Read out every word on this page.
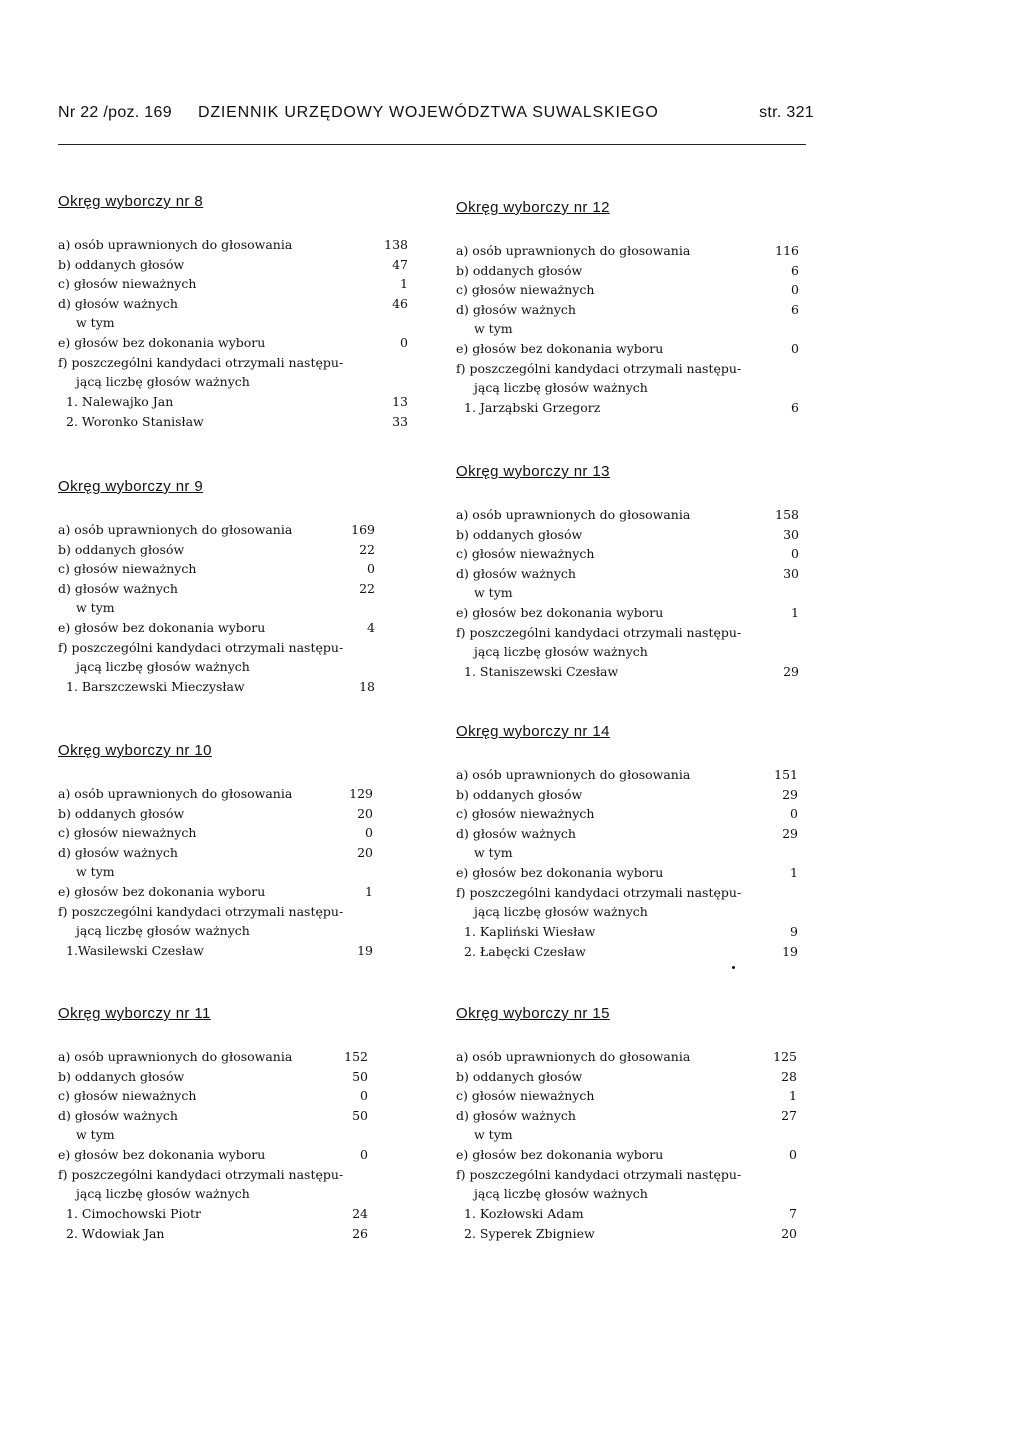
Nr 22 /poz. 169 DZIENNIK URZĘDOWY WOJEWÓDZTWA SUWALSKIEGO	str. 321
Okręg wyborczy nr 8
a) osób uprawnionych do głosowania	138
b) oddanych głosów	47
c) głosów nieważnych	1
d) głosów ważnych	46
w tym
e) głosów bez dokonania wyboru	0
f) poszczególni kandydaci otrzymali następu-
jącą liczbę głosów ważnych
1. Nalewajko Jan	13
2. Woronko Stanisław	33
Okręg wyborczy nr 9
a) osób uprawnionych do głosowania	169
b) oddanych głosów	22
c) głosów nieważnych	0
d) głosów ważnych	22
w tym
e) głosów bez dokonania wyboru	4
f) poszczególni kandydaci otrzymali następu-
jącą liczbę głosów ważnych
1. Barszczewski Mieczysław	18
Okręg wyborczy nr 10
a) osób uprawnionych do głosowania	129
b) oddanych głosów	20
c) głosów nieważnych	0
d) głosów ważnych	20
w tym
e) głosów bez dokonania wyboru	1
f) poszczególni kandydaci otrzymali następu-
jącą liczbę głosów ważnych
1.Wasilewski Czesław	19
Okręg wyborczy nr 11
a) osób uprawnionych do głosowania	152
b) oddanych głosów	50
c) głosów nieważnych	0
d) głosów ważnych	50
w tym
e) głosów bez dokonania wyboru	0
f) poszczególni kandydaci otrzymali następu-
jącą liczbę głosów ważnych
1. Cimochowski Piotr	24
2. Wdowiak Jan	26
Okręg wyborczy nr 12
a) osób uprawnionych do głosowania	116
b) oddanych głosów	6
c) głosów nieważnych	0
d) głosów ważnych	6
w tym
e) głosów bez dokonania wyboru	0
f) poszczególni kandydaci otrzymali następu-
jącą liczbę głosów ważnych
1. Jarząbski Grzegorz	6
Okręg wyborczy nr 13
a) osób uprawnionych do głosowania	158
b) oddanych głosów	30
c) głosów nieważnych	0
d) głosów ważnych	30
w tym
e) głosów bez dokonania wyboru	1
f) poszczególni kandydaci otrzymali następu-
jącą liczbę głosów ważnych
1. Staniszewski Czesław	29
Okręg wyborczy nr 14
a) osób uprawnionych do głosowania	151
b) oddanych głosów	29
c) głosów nieważnych	0
d) głosów ważnych	29
w tym
e) głosów bez dokonania wyboru	1
f) poszczególni kandydaci otrzymali następu-
jącą liczbę głosów ważnych
1. Kapliński Wiesław	9
2. Łabęcki Czesław	19
Okręg wyborczy nr 15
a) osób uprawnionych do głosowania	125
b) oddanych głosów	28
c) głosów nieważnych	1
d) głosów ważnych	27
w tym
e) głosów bez dokonania wyboru	0
f) poszczególni kandydaci otrzymali następu-
jącą liczbę głosów ważnych
1. Kozłowski Adam	7
2. Syperek Zbigniew	20
